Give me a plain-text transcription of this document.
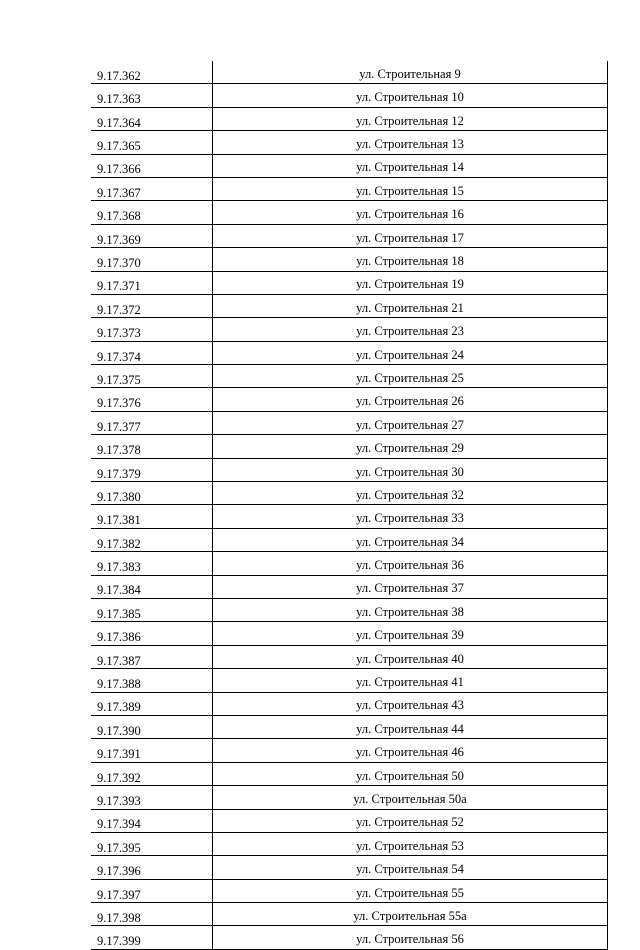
9.17.362	ул. Строительная 9
9.17.363	ул. Строительная 10
9.17.364	ул. Строительная 12
9.17.365	ул. Строительная 13
9.17.366	ул. Строительная 14
9.17.367	ул. Строительная 15
9.17.368	ул. Строительная 16
9.17.369	ул. Строительная 17
9.17.370	ул. Строительная 18
9.17.371	ул. Строительная 19
9.17.372	ул. Строительная 21
9.17.373	ул. Строительная 23
9.17.374	ул. Строительная 24
9.17.375	ул. Строительная 25
9.17.376	ул. Строительная 26
9.17.377	ул. Строительная 27
9.17.378	ул. Строительная 29
9.17.379	ул. Строительная 30
9.17.380	ул. Строительная 32
9.17.381	ул. Строительная 33
9.17.382	ул. Строительная 34
9.17.383	ул. Строительная 36
9.17.384	ул. Строительная 37
9.17.385	ул. Строительная 38
9.17.386	ул. Строительная 39
9.17.387	ул. Строительная 40
9.17.388	ул. Строительная 41
9.17.389	ул. Строительная 43
9.17.390	ул. Строительная 44
9.17.391	ул. Строительная 46
9.17.392	ул. Строительная 50
9.17.393	ул. Строительная 50а
9.17.394	ул. Строительная 52
9.17.395	ул. Строительная 53
9.17.396	ул. Строительная 54
9.17.397	ул. Строительная 55
9.17.398	ул. Строительная 55а
9.17.399	ул. Строительная 56
